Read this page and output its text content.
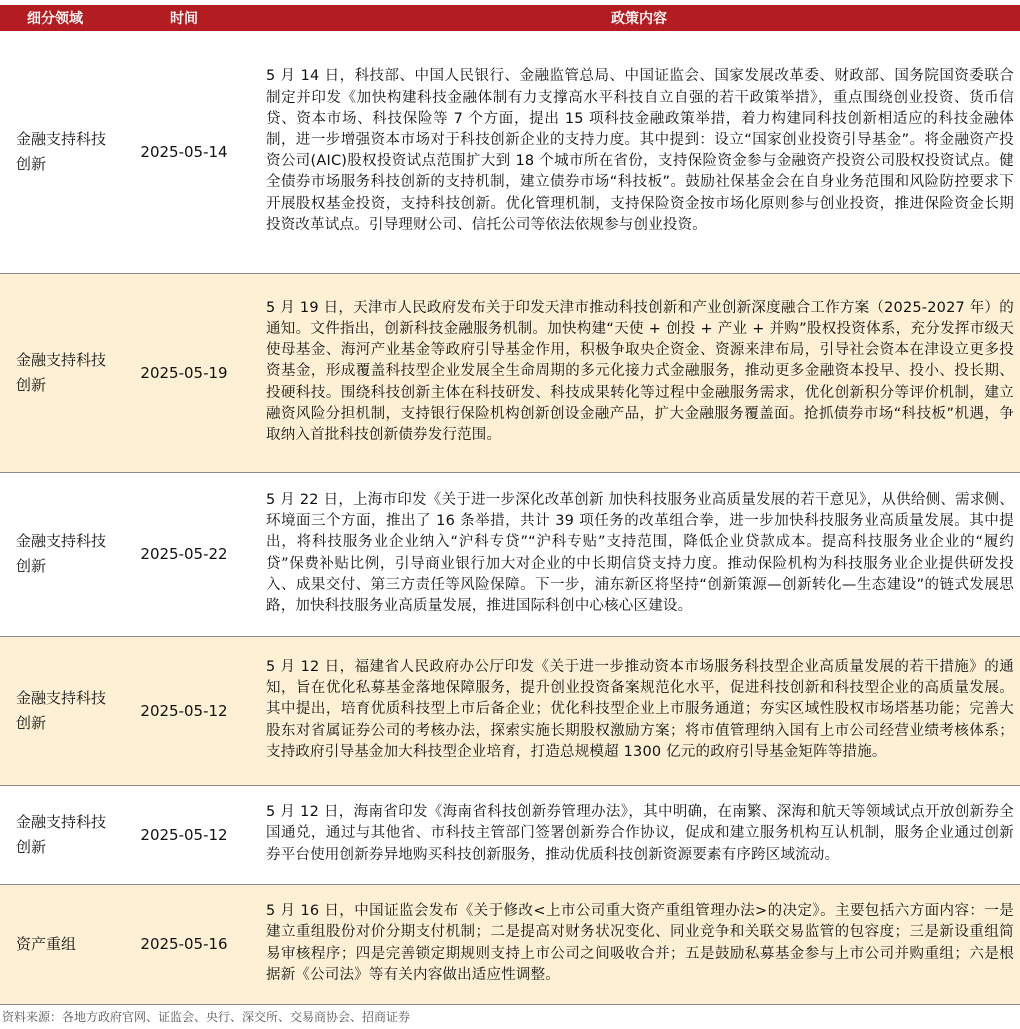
细分领域	时间	政策内容
金融支持科技创新	2025-05-14	5 月 14 日，科技部、中国人民银行、金融监管总局、中国证监会、国家发展改革委、财政部、国务院国资委联合制定并印发《加快构建科技金融体制有力支撑高水平科技自立自强的若干政策举措》，重点围绕创业投资、货币信贷、资本市场、科技保险等 7 个方面，提出 15 项科技金融政策举措，着力构建同科技创新相适应的科技金融体制，进一步增强资本市场对于科技创新企业的支持力度。其中提到：设立“国家创业投资引导基金”。将金融资产投资公司(AIC)股权投资试点范围扩大到 18 个城市所在省份，支持保险资金参与金融资产投资公司股权投资试点。健全债券市场服务科技创新的支持机制，建立债券市场“科技板”。鼓励社保基金会在自身业务范围和风险防控要求下开展股权基金投资，支持科技创新。优化管理机制，支持保险资金按市场化原则参与创业投资，推进保险资金长期投资改革试点。引导理财公司、信托公司等依法依规参与创业投资。
金融支持科技创新	2025-05-19	5 月 19 日，天津市人民政府发布关于印发天津市推动科技创新和产业创新深度融合工作方案（2025-2027 年）的通知。文件指出，创新科技金融服务机制。加快构建“天使 + 创投 + 产业 + 并购”股权投资体系，充分发挥市级天使母基金、海河产业基金等政府引导基金作用，积极争取央企资金、资源来津布局，引导社会资本在津设立更多投资基金，形成覆盖科技型企业发展全生命周期的多元化接力式金融服务，推动更多金融资本投早、投小、投长期、投硬科技。围绕科技创新主体在科技研发、科技成果转化等过程中金融服务需求，优化创新积分等评价机制，建立融资风险分担机制，支持银行保险机构创新创设金融产品，扩大金融服务覆盖面。抢抓债券市场“科技板”机遇，争取纳入首批科技创新债券发行范围。
金融支持科技创新	2025-05-22	5 月 22 日，上海市印发《关于进一步深化改革创新 加快科技服务业高质量发展的若干意见》，从供给侧、需求侧、环境面三个方面，推出了 16 条举措，共计 39 项任务的改革组合拳，进一步加快科技服务业高质量发展。其中提出，将科技服务业企业纳入“沪科专贷”“沪科专贴”支持范围，降低企业贷款成本。提高科技服务业企业的“履约贷”保费补贴比例，引导商业银行加大对企业的中长期信贷支持力度。推动保险机构为科技服务业企业提供研发投入、成果交付、第三方责任等风险保障。下一步，浦东新区将坚持“创新策源—创新转化—生态建设”的链式发展思路，加快科技服务业高质量发展，推进国际科创中心核心区建设。
金融支持科技创新	2025-05-12	5 月 12 日，福建省人民政府办公厅印发《关于进一步推动资本市场服务科技型企业高质量发展的若干措施》的通知，旨在优化私募基金落地保障服务，提升创业投资备案规范化水平，促进科技创新和科技型企业的高质量发展。其中提出，培育优质科技型上市后备企业；优化科技型企业上市服务通道；夯实区域性股权市场塔基功能；完善大股东对省属证券公司的考核办法，探索实施长期股权激励方案；将市值管理纳入国有上市公司经营业绩考核体系；支持政府引导基金加大科技型企业培育，打造总规模超 1300 亿元的政府引导基金矩阵等措施。
金融支持科技创新	2025-05-12	5 月 12 日，海南省印发《海南省科技创新券管理办法》，其中明确，在南繁、深海和航天等领域试点开放创新券全国通兑，通过与其他省、市科技主管部门签署创新券合作协议，促成和建立服务机构互认机制，服务企业通过创新券平台使用创新券异地购买科技创新服务，推动优质科技创新资源要素有序跨区域流动。
资产重组	2025-05-16	5 月 16 日，中国证监会发布《关于修改<上市公司重大资产重组管理办法>的决定》。主要包括六方面内容：一是建立重组股份对价分期支付机制；二是提高对财务状况变化、同业竞争和关联交易监管的包容度；三是新设重组简易审核程序；四是完善锁定期规则支持上市公司之间吸收合并；五是鼓励私募基金参与上市公司并购重组；六是根据新《公司法》等有关内容做出适应性调整。
资料来源：各地方政府官网、证监会、央行、深交所、交易商协会、招商证券
